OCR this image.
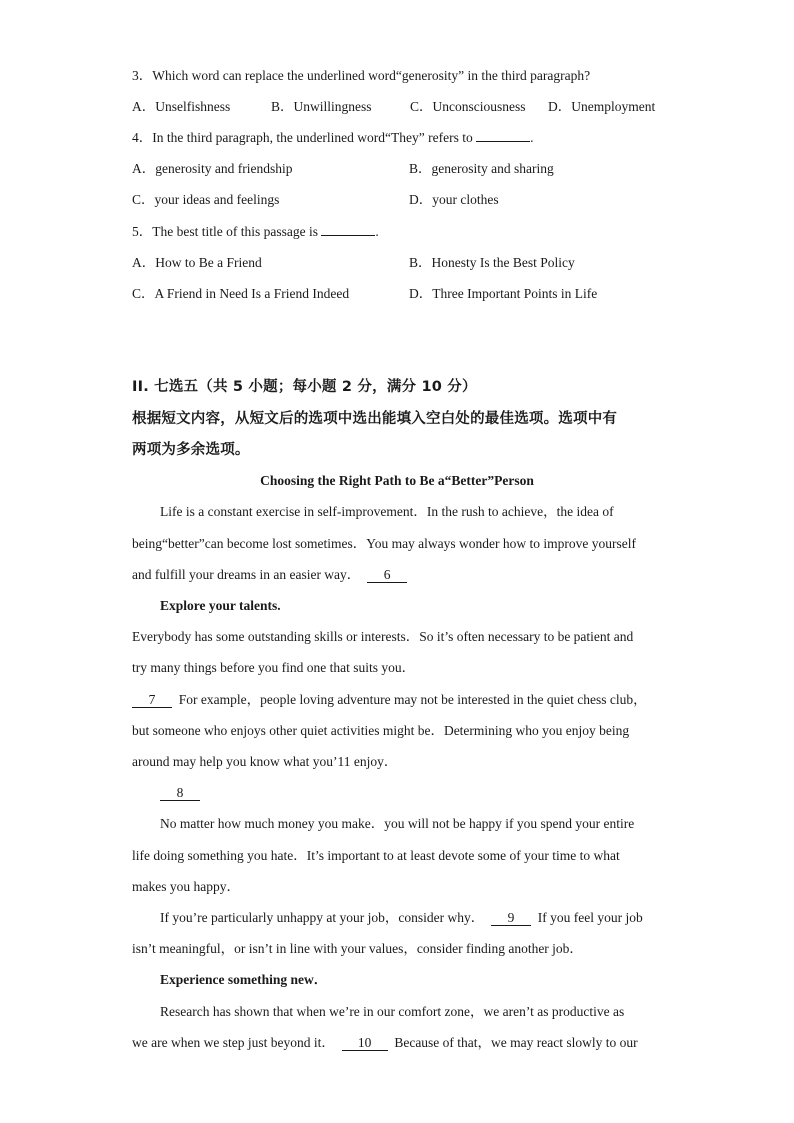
3．Which word can replace the underlined word“generosity” in the third paragraph?
A．Unselfishness	B．Unwillingness	C．Unconsciousness D．Unemployment
4．In the third paragraph, the underlined word“They” refers to	.
A．generosity and friendship	B．generosity and sharing
C．your ideas and feelings	D．your clothes
5．The best title of this passage is	.
A．How to Be a Friend	B．Honesty Is the Best Policy
C．A Friend in Need Is a Friend Indeed	D．Three Important Points in Life
II. 七选五（共 5 小题；每小题 2 分，满分 10 分）
根据短文内容，从短文后的选项中选出能填入空白处的最佳选项。选项中有
两项为多余选项。
Choosing the Right Path to Be a“Better”Person
Life is a constant exercise in self-improvement．In the rush to achieve，the idea of
being“better”can become lost sometimes．You may always wonder how to improve yourself
and fulfill your dreams in an easier way． 6
Explore your talents.
Everybody has some outstanding skills or interests．So it’s often necessary to be patient and
try many things before you find one that suits you．
7 For example，people loving adventure may not be interested in the quiet chess club，
but someone who enjoys other quiet activities might be．Determining who you enjoy being
around may help you know what you’11 enjoy．
8
No matter how much money you make．you will not be happy if you spend your entire
life doing something you hate．It’s important to at least devote some of your time to what
makes you happy．
If you’re particularly unhappy at your job，consider why． 9 If you feel your job
isn’t meaningful，or isn’t in line with your values，consider finding another job．
Experience something new．
Research has shown that when we’re in our comfort zone，we aren’t as productive as
we are when we step just beyond it． 10 Because of that，we may react slowly to our
